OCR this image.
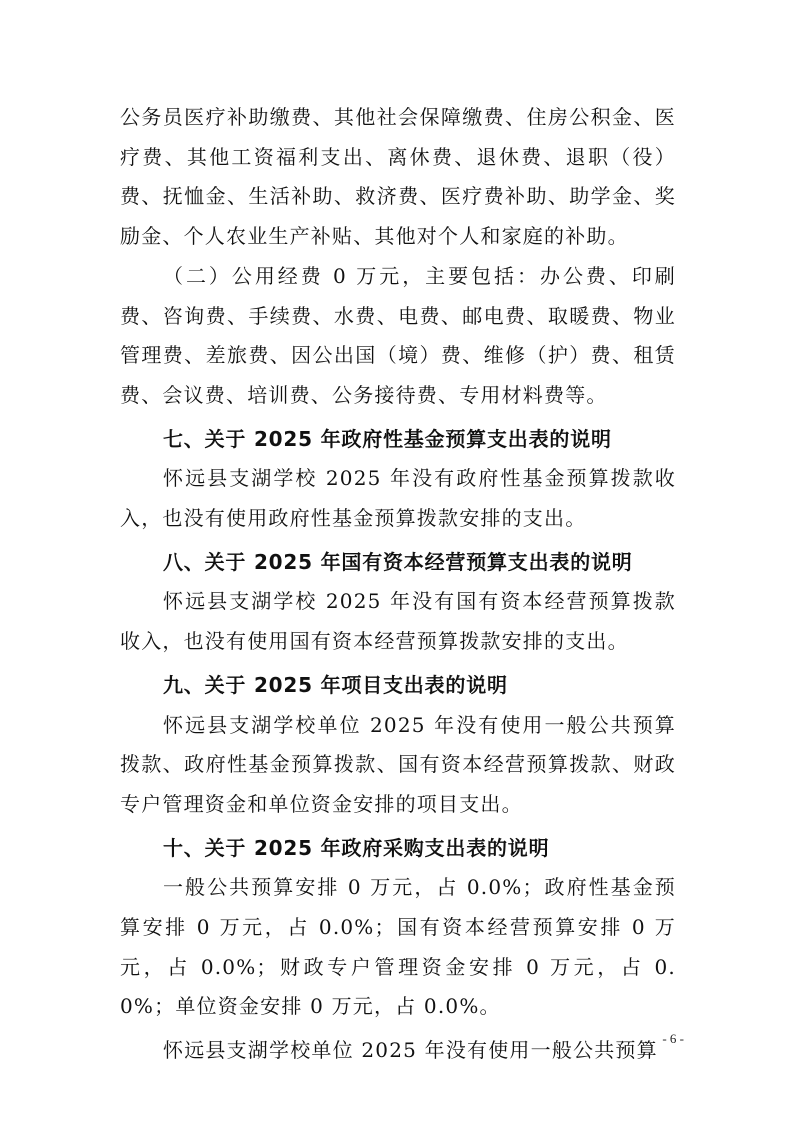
公务员医疗补助缴费、其他社会保障缴费、住房公积金、医疗费、其他工资福利支出、离休费、退休费、退职（役）费、抚恤金、生活补助、救济费、医疗费补助、助学金、奖励金、个人农业生产补贴、其他对个人和家庭的补助。

（二）公用经费 0 万元，主要包括：办公费、印刷费、咨询费、手续费、水费、电费、邮电费、取暖费、物业管理费、差旅费、因公出国（境）费、维修（护）费、租赁费、会议费、培训费、公务接待费、专用材料费等。

七、关于 2025 年政府性基金预算支出表的说明

怀远县支湖学校 2025 年没有政府性基金预算拨款收入，也没有使用政府性基金预算拨款安排的支出。

八、关于 2025 年国有资本经营预算支出表的说明

怀远县支湖学校 2025 年没有国有资本经营预算拨款收入，也没有使用国有资本经营预算拨款安排的支出。

九、关于 2025 年项目支出表的说明

怀远县支湖学校单位 2025 年没有使用一般公共预算拨款、政府性基金预算拨款、国有资本经营预算拨款、财政专户管理资金和单位资金安排的项目支出。

十、关于 2025 年政府采购支出表的说明

一般公共预算安排 0 万元，占 0.0%；政府性基金预算安排 0 万元，占 0.0%；国有资本经营预算安排 0 万元，占 0.0%；财政专户管理资金安排 0 万元，占 0.0%；单位资金安排 0 万元，占 0.0%。

怀远县支湖学校单位 2025 年没有使用一般公共预算 - 6 -
